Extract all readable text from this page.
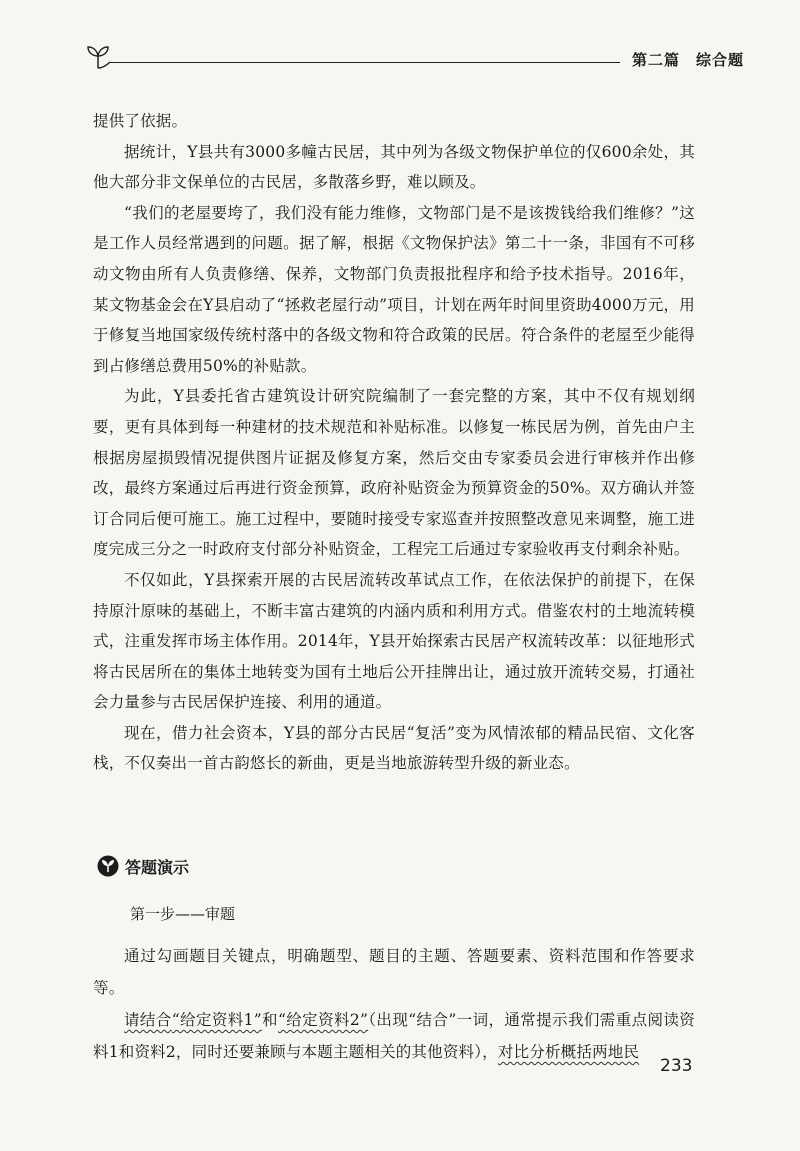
第二篇　综合题

提供了依据。

据统计，Y县共有3000多幢古民居，其中列为各级文物保护单位的仅600余处，其他大部分非文保单位的古民居，多散落乡野，难以顾及。

“我们的老屋要垮了，我们没有能力维修，文物部门是不是该拨钱给我们维修？”这是工作人员经常遇到的问题。据了解，根据《文物保护法》第二十一条，非国有不可移动文物由所有人负责修缮、保养，文物部门负责报批程序和给予技术指导。2016年，某文物基金会在Y县启动了“拯救老屋行动”项目，计划在两年时间里资助4000万元，用于修复当地国家级传统村落中的各级文物和符合政策的民居。符合条件的老屋至少能得到占修缮总费用50%的补贴款。

为此，Y县委托省古建筑设计研究院编制了一套完整的方案，其中不仅有规划纲要，更有具体到每一种建材的技术规范和补贴标准。以修复一栋民居为例，首先由户主根据房屋损毁情况提供图片证据及修复方案，然后交由专家委员会进行审核并作出修改，最终方案通过后再进行资金预算，政府补贴资金为预算资金的50%。双方确认并签订合同后便可施工。施工过程中，要随时接受专家巡查并按照整改意见来调整，施工进度完成三分之一时政府支付部分补贴资金，工程完工后通过专家验收再支付剩余补贴。

不仅如此，Y县探索开展的古民居流转改革试点工作，在依法保护的前提下，在保持原汁原味的基础上，不断丰富古建筑的内涵内质和利用方式。借鉴农村的土地流转模式，注重发挥市场主体作用。2014年，Y县开始探索古民居产权流转改革：以征地形式将古民居所在的集体土地转变为国有土地后公开挂牌出让，通过放开流转交易，打通社会力量参与古民居保护连接、利用的通道。

现在，借力社会资本，Y县的部分古民居“复活”变为风情浓郁的精品民宿、文化客栈，不仅奏出一首古韵悠长的新曲，更是当地旅游转型升级的新业态。

答题演示
第一步——审题

通过勾画题目关键点，明确题型、题目的主题、答题要素、资料范围和作答要求等。

请结合“给定资料1”和“给定资料2”（出现“结合”一词，通常提示我们需重点阅读资料1和资料2，同时还要兼顾与本题主题相关的其他资料），对比分析概括两地民

233
